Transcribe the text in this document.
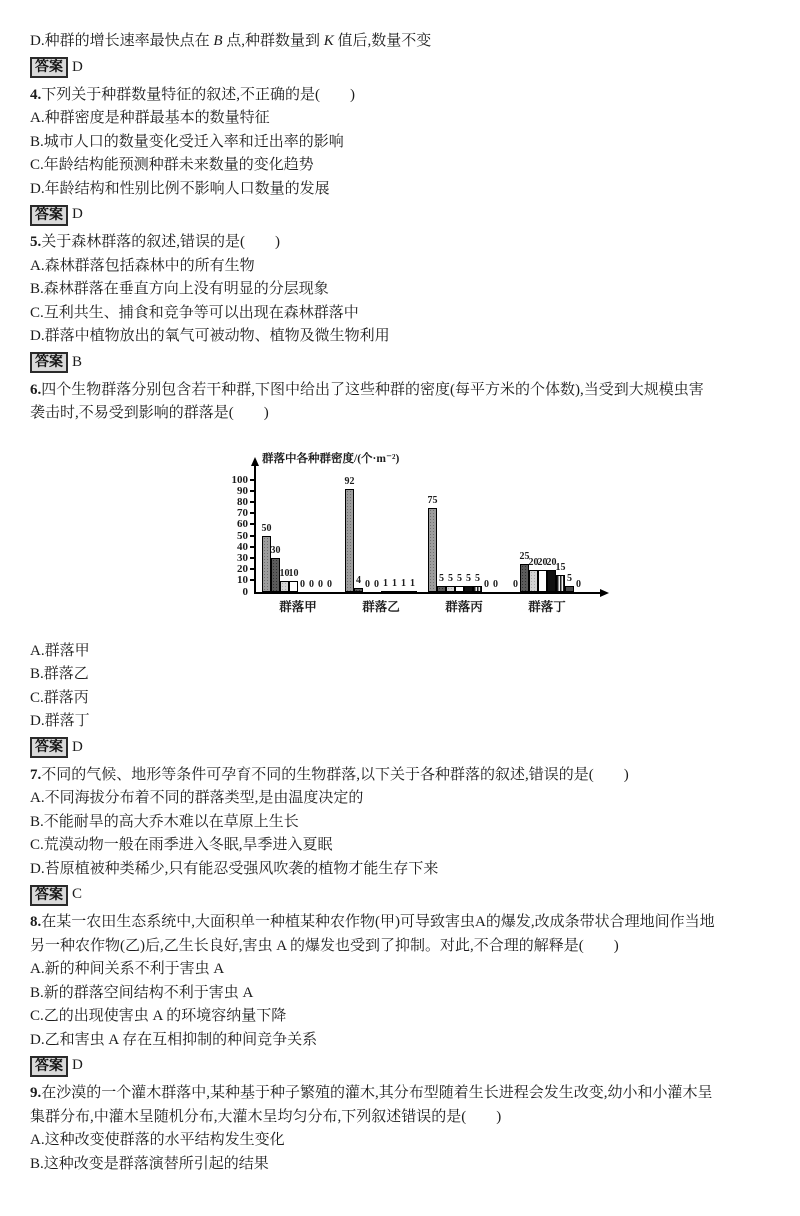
D.种群的增长速率最快点在 B 点,种群数量到 K 值后,数量不变
答案 D
4.下列关于种群数量特征的叙述,不正确的是(　　)
A.种群密度是种群最基本的数量特征
B.城市人口的数量变化受迁入率和迁出率的影响
C.年龄结构能预测种群未来数量的变化趋势
D.年龄结构和性别比例不影响人口数量的发展
答案 D
5.关于森林群落的叙述,错误的是(　　)
A.森林群落包括森林中的所有生物
B.森林群落在垂直方向上没有明显的分层现象
C.互利共生、捕食和竞争等可以出现在森林群落中
D.群落中植物放出的氧气可被动物、植物及微生物利用
答案 B
6.四个生物群落分别包含若干种群,下图中给出了这些种群的密度(每平方米的个体数),当受到大规模虫害
袭击时,不易受到影响的群落是(　　)
群落中各种群密度/(个·m⁻²)
0
10
20
30
40
50
60
70
80
90
100
50
30
10 10
0 0 0 0
群落甲
92
4 0 0 1 1 1 1
群落乙
75
5 5 5 5 5
0 0
群落丙
0
25
20 20 20 15
5
0
群落丁
A.群落甲
B.群落乙
C.群落丙
D.群落丁
答案 D
7.不同的气候、地形等条件可孕育不同的生物群落,以下关于各种群落的叙述,错误的是(　　)
A.不同海拔分布着不同的群落类型,是由温度决定的
B.不能耐旱的高大乔木难以在草原上生长
C.荒漠动物一般在雨季进入冬眠,旱季进入夏眠
D.苔原植被种类稀少,只有能忍受强风吹袭的植物才能生存下来
答案 C
8.在某一农田生态系统中,大面积单一种植某种农作物(甲)可导致害虫A的爆发,改成条带状合理地间作当地
另一种农作物(乙)后,乙生长良好,害虫 A 的爆发也受到了抑制。对此,不合理的解释是(　　)
A.新的种间关系不利于害虫 A
B.新的群落空间结构不利于害虫 A
C.乙的出现使害虫 A 的环境容纳量下降
D.乙和害虫 A 存在互相抑制的种间竞争关系
答案 D
9.在沙漠的一个灌木群落中,某种基于种子繁殖的灌木,其分布型随着生长进程会发生改变,幼小和小灌木呈
集群分布,中灌木呈随机分布,大灌木呈均匀分布,下列叙述错误的是(　　)
A.这种改变使群落的水平结构发生变化
B.这种改变是群落演替所引起的结果
